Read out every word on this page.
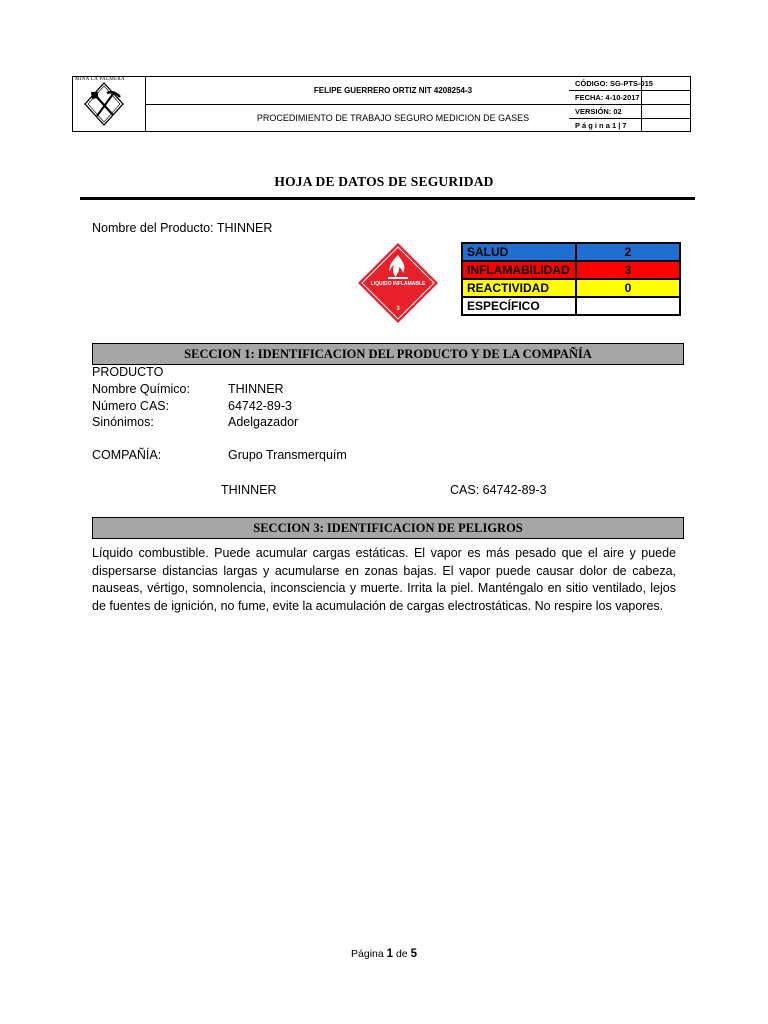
MINA LA PALMERA
FELIPE GUERRERO ORTIZ NIT 4208254-3
PROCEDIMIENTO DE TRABAJO SEGURO MEDICION DE GASES
CÓDIGO: SG-PTS-015
FECHA: 4-10-2017
VERSIÓN: 02
P á g i n a 1 | 7
HOJA DE DATOS DE SEGURIDAD
Nombre del Producto: THINNER
3
LIQUIDO INFLAMABLE
SALUD	2
INFLAMABILIDAD	3
REACTIVIDAD	0
ESPECÍFICO	
SECCION 1: IDENTIFICACION DEL PRODUCTO Y DE LA COMPAÑÍA
PRODUCTO
Nombre Químico:	THINNER
Número CAS:	64742-89-3
Sinónimos:	Adelgazador
COMPAÑÍA:	Grupo Transmerquím
THINNER	CAS: 64742-89-3
SECCION 3: IDENTIFICACION DE PELIGROS
Líquido combustible. Puede acumular cargas estáticas. El vapor es más pesado que el aire y puede dispersarse distancias largas y acumularse en zonas bajas. El vapor puede causar dolor de cabeza, nauseas, vértigo, somnolencia, inconsciencia y muerte. Irrita la piel. Manténgalo en sitio ventilado, lejos de fuentes de ignición, no fume, evite la acumulación de cargas electrostáticas. No respire los vapores.
Página 1 de 5
